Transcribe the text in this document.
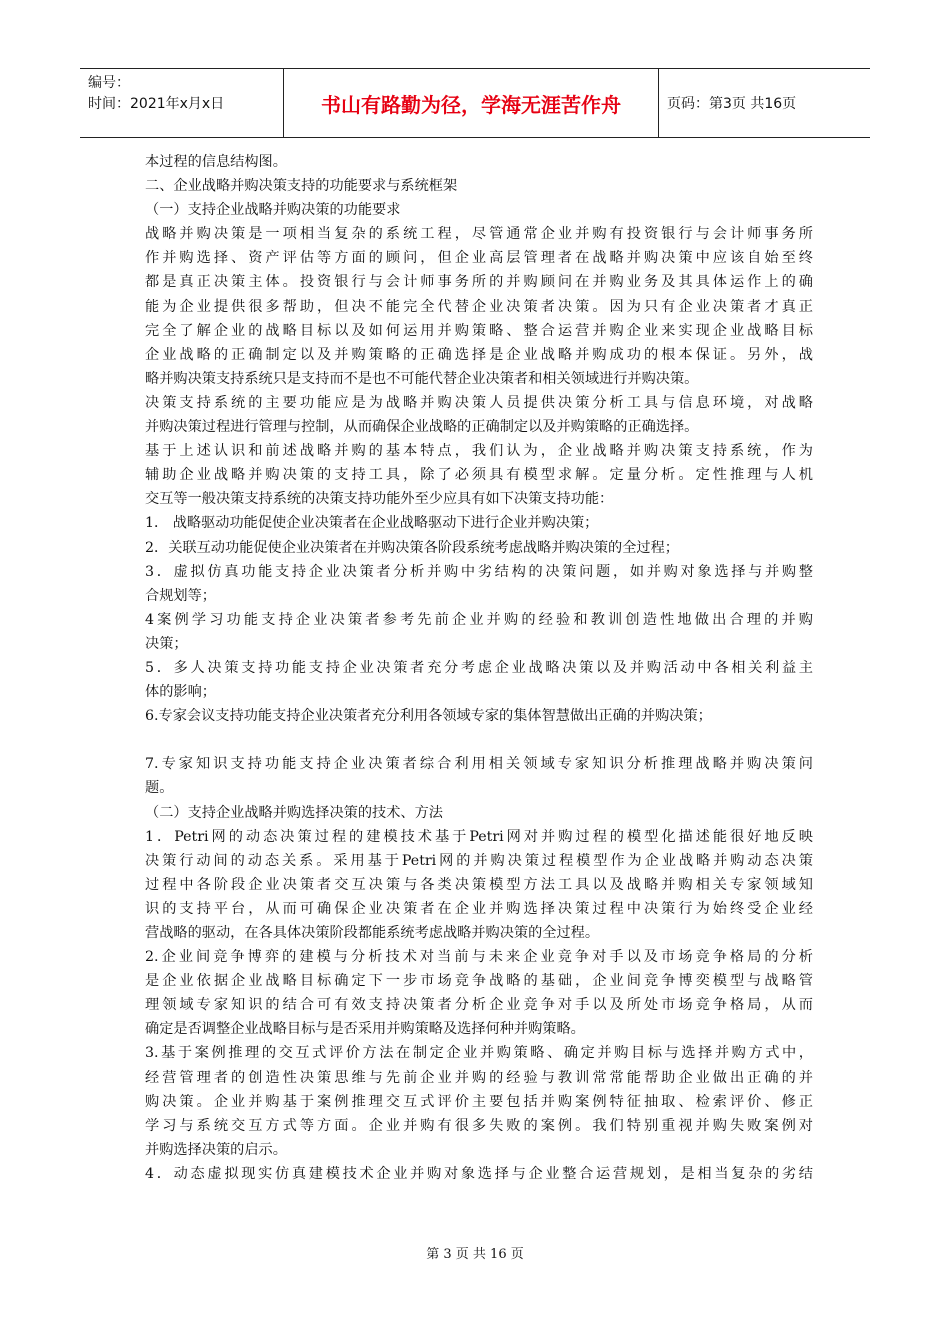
编号：
时间：2021年x月x日	书山有路勤为径，学海无涯苦作舟	页码：第3页 共16页
本过程的信息结构图。
二、企业战略并购决策支持的功能要求与系统框架
（一）支持企业战略并购决策的功能要求
战略并购决策是一项相当复杂的系统工程，尽管通常企业并购有投资银行与会计师事务所
作并购选择、资产评估等方面的顾问，但企业高层管理者在战略并购决策中应该自始至终
都是真正决策主体。投资银行与会计师事务所的并购顾问在并购业务及其具体运作上的确
能为企业提供很多帮助，但决不能完全代替企业决策者决策。因为只有企业决策者才真正
完全了解企业的战略目标以及如何运用并购策略、整合运营并购企业来实现企业战略目标
企业战略的正确制定以及并购策略的正确选择是企业战略并购成功的根本保证。另外，战
略并购决策支持系统只是支持而不是也不可能代替企业决策者和相关领域进行并购决策。
决策支持系统的主要功能应是为战略并购决策人员提供决策分析工具与信息环境，对战略
并购决策过程进行管理与控制，从而确保企业战略的正确制定以及并购策略的正确选择。
基于上述认识和前述战略并购的基本特点，我们认为，企业战略并购决策支持系统，作为
辅助企业战略并购决策的支持工具，除了必须具有模型求解。定量分析。定性推理与人机
交互等一般决策支持系统的决策支持功能外至少应具有如下决策支持功能：
1． 战略驱动功能促使企业决策者在企业战略驱动下进行企业并购决策；
2．关联互动功能促使企业决策者在并购决策各阶段系统考虑战略并购决策的全过程；
3．虚拟仿真功能支持企业决策者分析并购中劣结构的决策问题，如并购对象选择与并购整
合规划等；
4案例学习功能支持企业决策者参考先前企业并购的经验和教训创造性地做出合理的并购
决策；
5．多人决策支持功能支持企业决策者充分考虑企业战略决策以及并购活动中各相关利益主
体的影响；
6.专家会议支持功能支持企业决策者充分利用各领域专家的集体智慧做出正确的并购决策；
7.专家知识支持功能支持企业决策者综合利用相关领域专家知识分析推理战略并购决策问
题。
（二）支持企业战略并购选择决策的技术、方法
1．Petri网的动态决策过程的建模技术基于Petri网对并购过程的模型化描述能很好地反映
决策行动间的动态关系。采用基于Petri网的并购决策过程模型作为企业战略并购动态决策
过程中各阶段企业决策者交互决策与各类决策模型方法工具以及战略并购相关专家领域知
识的支持平台，从而可确保企业决策者在企业并购选择决策过程中决策行为始终受企业经
营战略的驱动，在各具体决策阶段都能系统考虑战略并购决策的全过程。
2.企业间竞争博弈的建模与分析技术对当前与未来企业竞争对手以及市场竞争格局的分析
是企业依据企业战略目标确定下一步市场竞争战略的基础，企业间竞争博奕模型与战略管
理领域专家知识的结合可有效支持决策者分析企业竞争对手以及所处市场竞争格局，从而
确定是否调整企业战略目标与是否采用并购策略及选择何种并购策略。
3.基于案例推理的交互式评价方法在制定企业并购策略、确定并购目标与选择并购方式中，
经营管理者的创造性决策思维与先前企业并购的经验与教训常常能帮助企业做出正确的并
购决策。企业并购基于案例推理交互式评价主要包括并购案例特征抽取、检索评价、修正
学习与系统交互方式等方面。企业并购有很多失败的案例。我们特别重视并购失败案例对
并购选择决策的启示。
4．动态虚拟现实仿真建模技术企业并购对象选择与企业整合运营规划，是相当复杂的劣结
第 3 页 共 16 页
